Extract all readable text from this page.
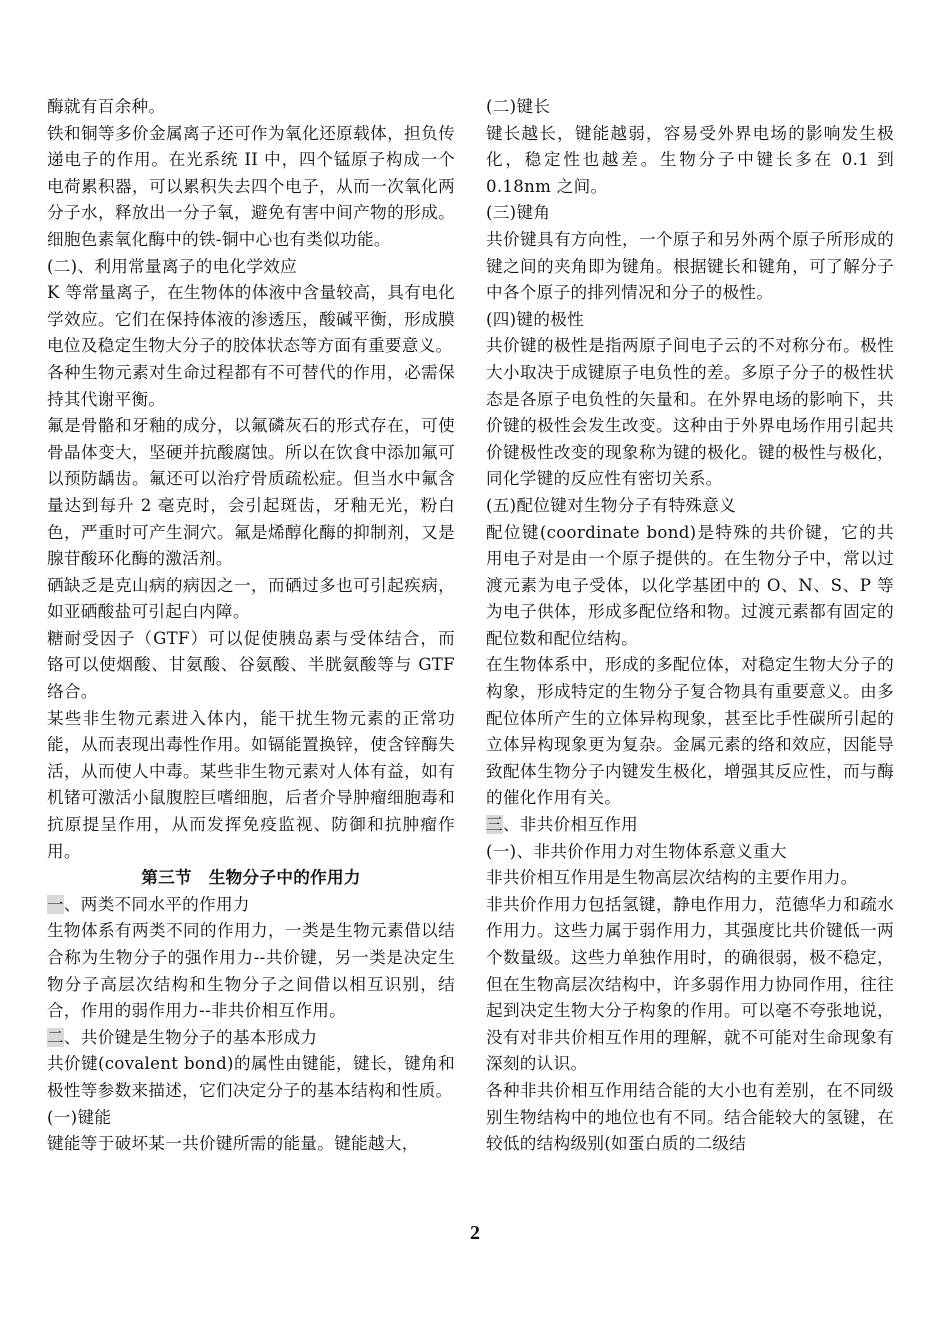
酶就有百余种。

铁和铜等多价金属离子还可作为氧化还原载体，担负传递电子的作用。在光系统 II 中，四个锰原子构成一个电荷累积器，可以累积失去四个电子，从而一次氧化两分子水，释放出一分子氧，避免有害中间产物的形成。细胞色素氧化酶中的铁-铜中心也有类似功能。

(二)、利用常量离子的电化学效应

K 等常量离子，在生物体的体液中含量较高，具有电化学效应。它们在保持体液的渗透压，酸碱平衡，形成膜电位及稳定生物大分子的胶体状态等方面有重要意义。

各种生物元素对生命过程都有不可替代的作用，必需保持其代谢平衡。

氟是骨骼和牙釉的成分，以氟磷灰石的形式存在，可使骨晶体变大，坚硬并抗酸腐蚀。所以在饮食中添加氟可以预防龋齿。氟还可以治疗骨质疏松症。但当水中氟含量达到每升 2 毫克时，会引起斑齿，牙釉无光，粉白色，严重时可产生洞穴。氟是烯醇化酶的抑制剂，又是腺苷酸环化酶的激活剂。

硒缺乏是克山病的病因之一，而硒过多也可引起疾病，如亚硒酸盐可引起白内障。

糖耐受因子（GTF）可以促使胰岛素与受体结合，而铬可以使烟酸、甘氨酸、谷氨酸、半胱氨酸等与 GTF 络合。

某些非生物元素进入体内，能干扰生物元素的正常功能，从而表现出毒性作用。如镉能置换锌，使含锌酶失活，从而使人中毒。某些非生物元素对人体有益，如有机锗可激活小鼠腹腔巨嗜细胞，后者介导肿瘤细胞毒和抗原提呈作用，从而发挥免疫监视、防御和抗肿瘤作用。

第三节　生物分子中的作用力

一、两类不同水平的作用力

生物体系有两类不同的作用力，一类是生物元素借以结合称为生物分子的强作用力--共价键，另一类是决定生物分子高层次结构和生物分子之间借以相互识别，结合，作用的弱作用力--非共价相互作用。

二、共价键是生物分子的基本形成力

共价键(covalent bond)的属性由键能，键长，键角和极性等参数来描述，它们决定分子的基本结构和性质。

(一)键能

键能等于破坏某一共价键所需的能量。键能越大，

(二)键长

键长越长，键能越弱，容易受外界电场的影响发生极化，稳定性也越差。生物分子中键长多在 0.1 到 0.18nm 之间。

(三)键角

共价键具有方向性，一个原子和另外两个原子所形成的键之间的夹角即为键角。根据键长和键角，可了解分子中各个原子的排列情况和分子的极性。

(四)键的极性

共价键的极性是指两原子间电子云的不对称分布。极性大小取决于成键原子电负性的差。多原子分子的极性状态是各原子电负性的矢量和。在外界电场的影响下，共价键的极性会发生改变。这种由于外界电场作用引起共价键极性改变的现象称为键的极化。键的极性与极化，同化学键的反应性有密切关系。

(五)配位键对生物分子有特殊意义

配位键(coordinate bond)是特殊的共价键，它的共用电子对是由一个原子提供的。在生物分子中，常以过渡元素为电子受体，以化学基团中的 O、N、S、P 等为电子供体，形成多配位络和物。过渡元素都有固定的配位数和配位结构。

在生物体系中，形成的多配位体，对稳定生物大分子的构象，形成特定的生物分子复合物具有重要意义。由多配位体所产生的立体异构现象，甚至比手性碳所引起的立体异构现象更为复杂。金属元素的络和效应，因能导致配体生物分子内键发生极化，增强其反应性，而与酶的催化作用有关。

三、非共价相互作用

(一)、非共价作用力对生物体系意义重大

非共价相互作用是生物高层次结构的主要作用力。

非共价作用力包括氢键，静电作用力，范德华力和疏水作用力。这些力属于弱作用力，其强度比共价键低一两个数量级。这些力单独作用时，的确很弱，极不稳定，但在生物高层次结构中，许多弱作用力协同作用，往往起到决定生物大分子构象的作用。可以毫不夸张地说，没有对非共价相互作用的理解，就不可能对生命现象有深刻的认识。

各种非共价相互作用结合能的大小也有差别，在不同级别生物结构中的地位也有不同。结合能较大的氢键，在较低的结构级别(如蛋白质的二级结

2
